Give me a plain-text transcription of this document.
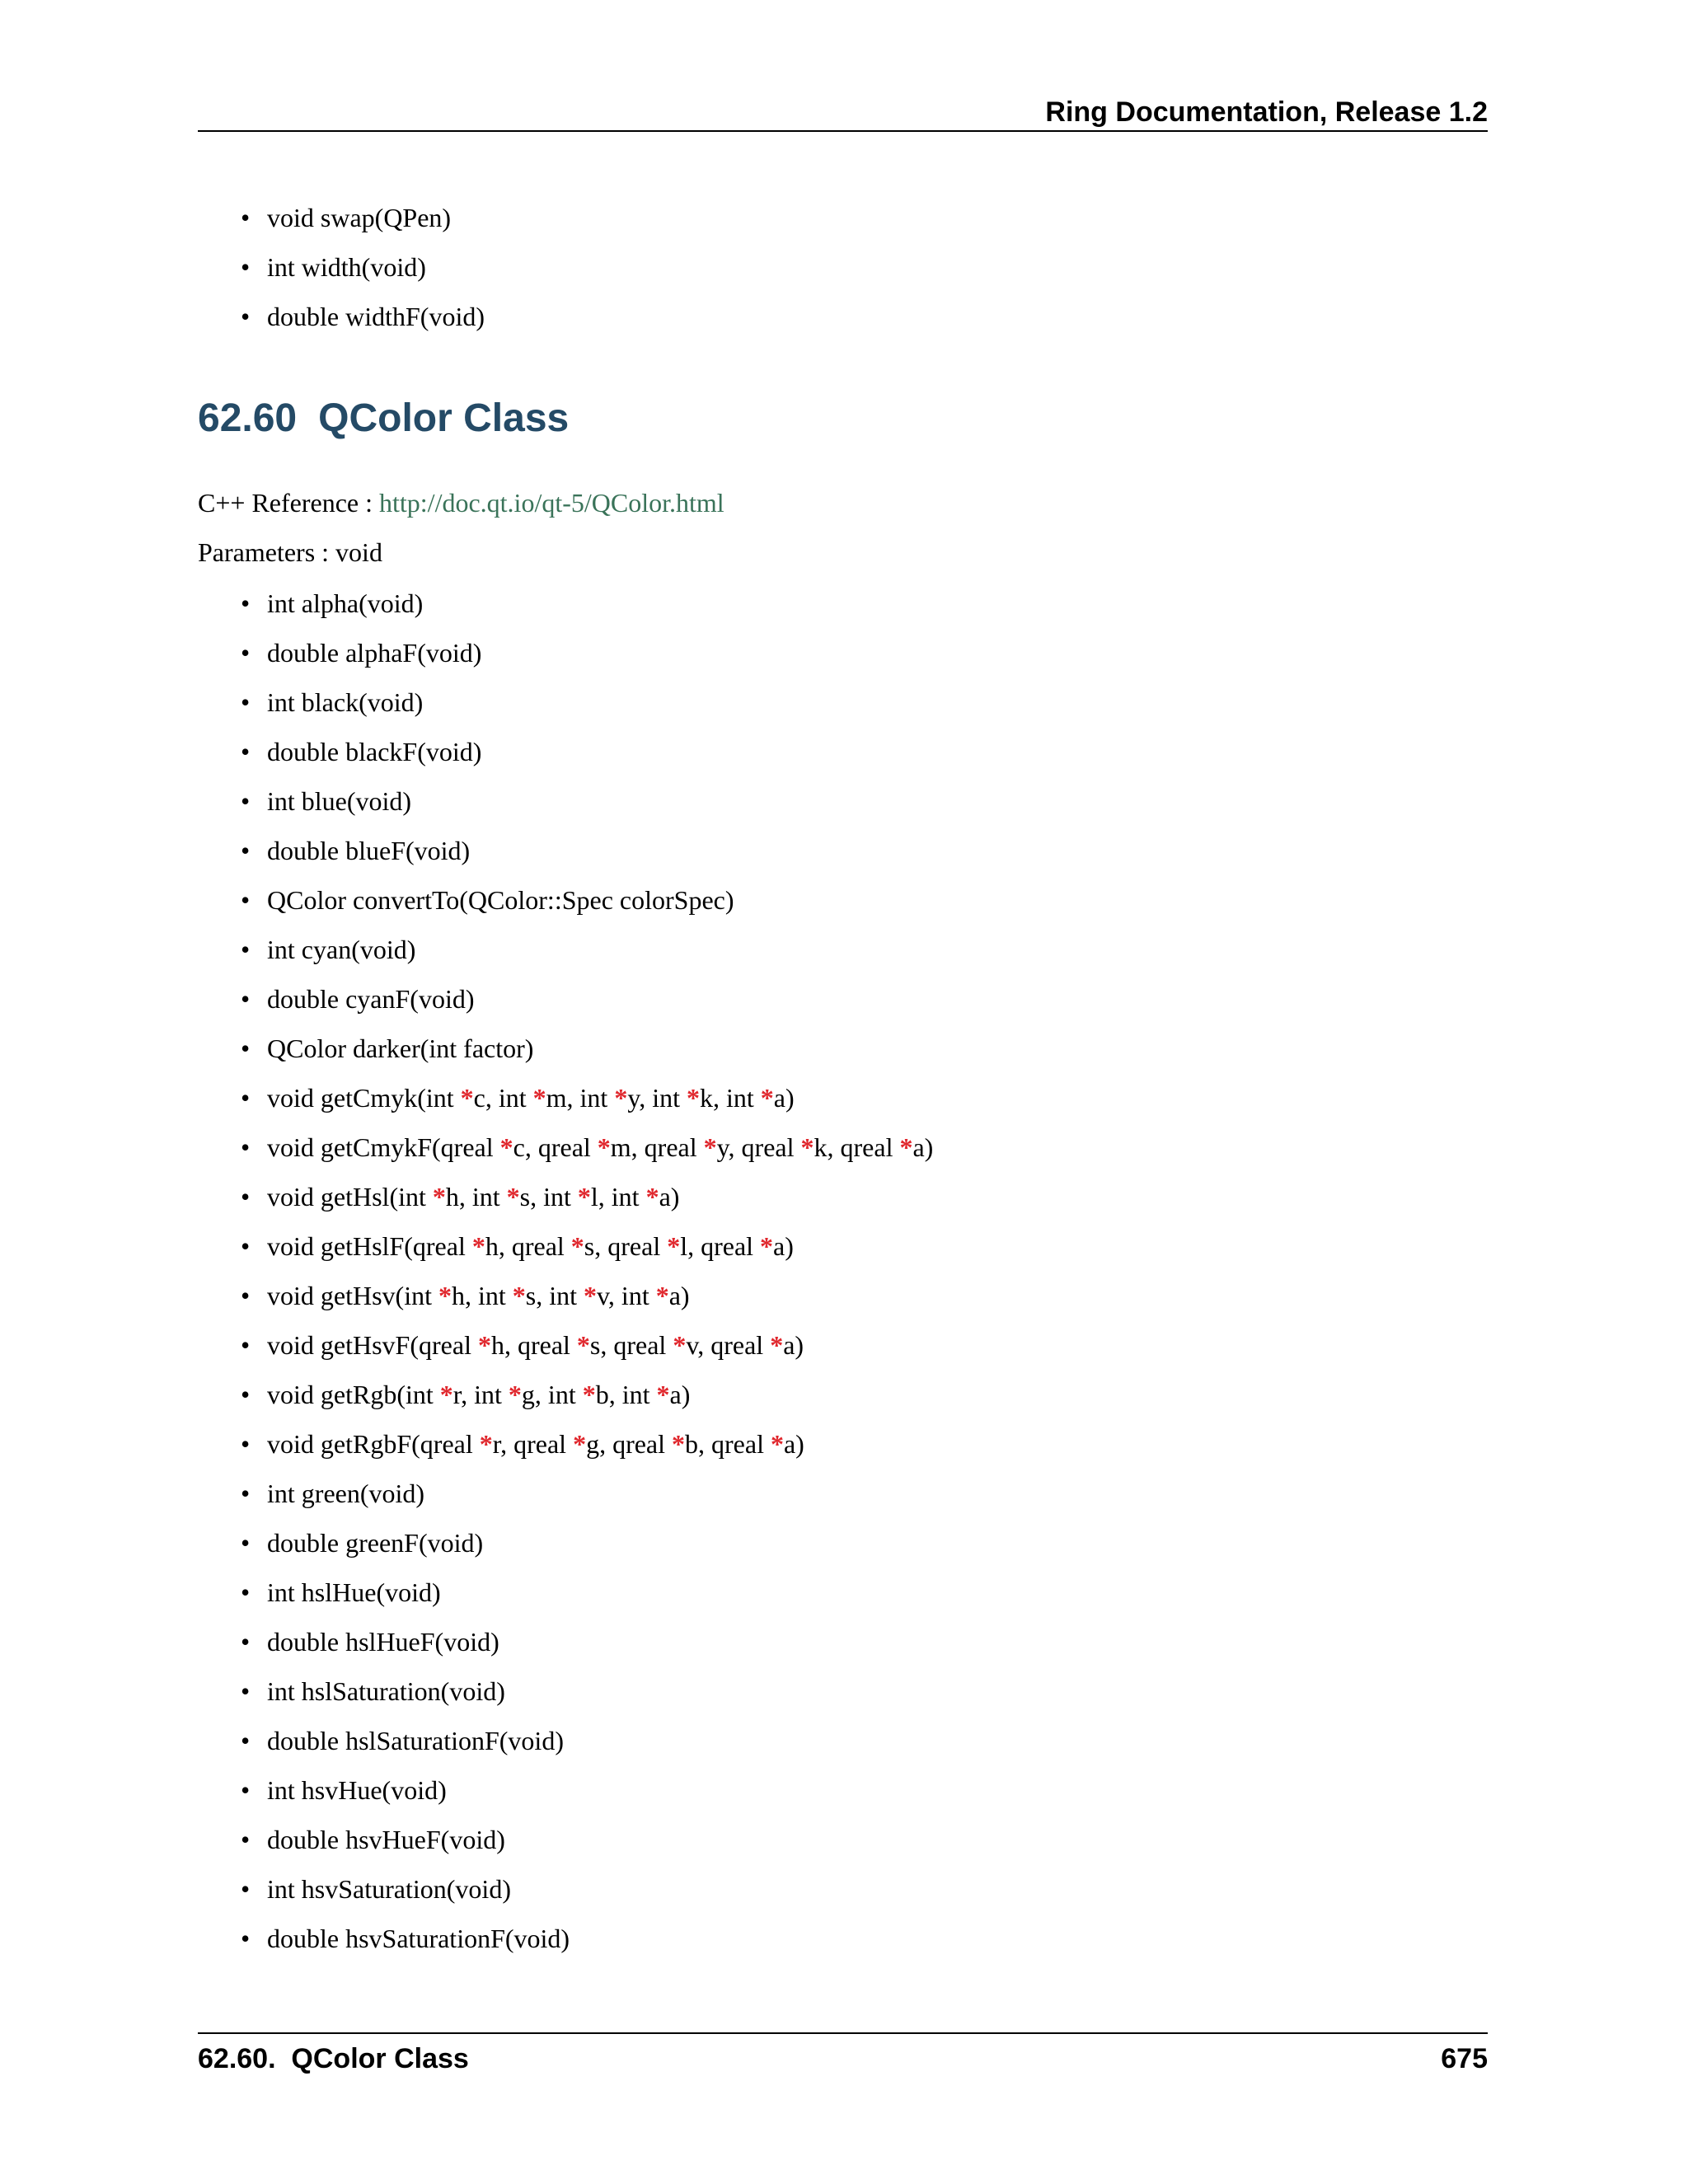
Ring Documentation, Release 1.2
• void swap(QPen)
• int width(void)
• double widthF(void)
62.60 QColor Class
C++ Reference : http://doc.qt.io/qt-5/QColor.html
Parameters : void
• int alpha(void)
• double alphaF(void)
• int black(void)
• double blackF(void)
• int blue(void)
• double blueF(void)
• QColor convertTo(QColor::Spec colorSpec)
• int cyan(void)
• double cyanF(void)
• QColor darker(int factor)
• void getCmyk(int *c, int *m, int *y, int *k, int *a)
• void getCmykF(qreal *c, qreal *m, qreal *y, qreal *k, qreal *a)
• void getHsl(int *h, int *s, int *l, int *a)
• void getHslF(qreal *h, qreal *s, qreal *l, qreal *a)
• void getHsv(int *h, int *s, int *v, int *a)
• void getHsvF(qreal *h, qreal *s, qreal *v, qreal *a)
• void getRgb(int *r, int *g, int *b, int *a)
• void getRgbF(qreal *r, qreal *g, qreal *b, qreal *a)
• int green(void)
• double greenF(void)
• int hslHue(void)
• double hslHueF(void)
• int hslSaturation(void)
• double hslSaturationF(void)
• int hsvHue(void)
• double hsvHueF(void)
• int hsvSaturation(void)
• double hsvSaturationF(void)
62.60.  QColor Class	675
